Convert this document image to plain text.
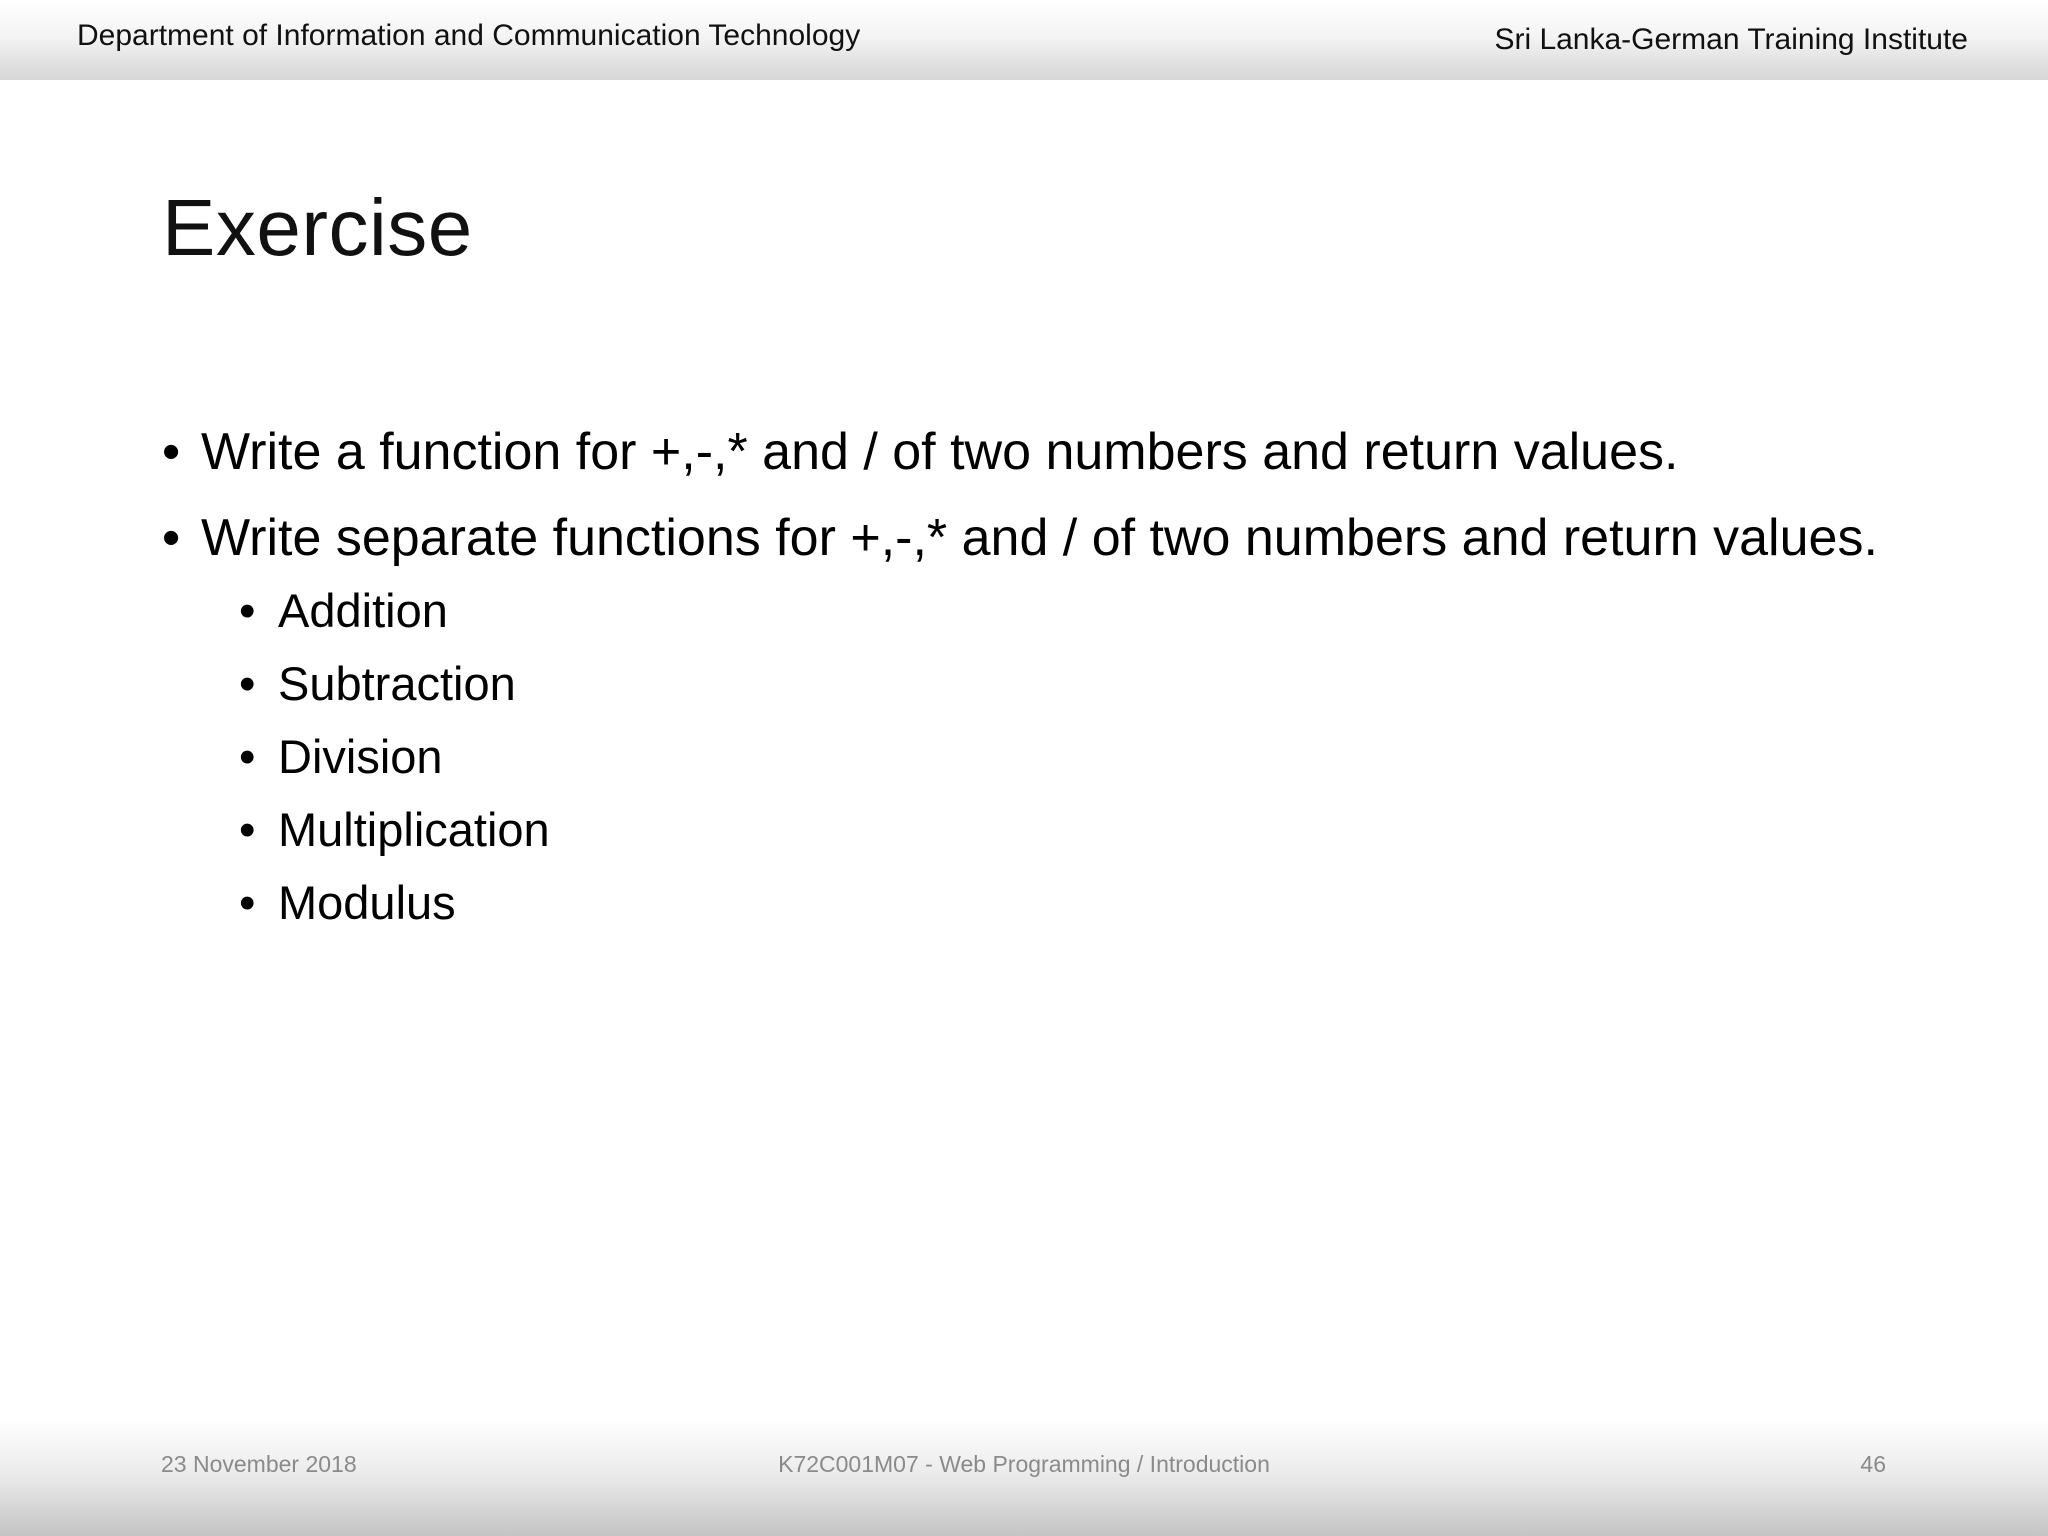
Department of Information and Communication Technology	Sri Lanka-German Training Institute
Exercise
• Write a function for +,-,* and / of two numbers and return values.
• Write separate functions for +,-,* and / of two numbers and return values.
• Addition
• Subtraction
• Division
• Multiplication
• Modulus
23 November 2018	K72C001M07 - Web Programming / Introduction	46
